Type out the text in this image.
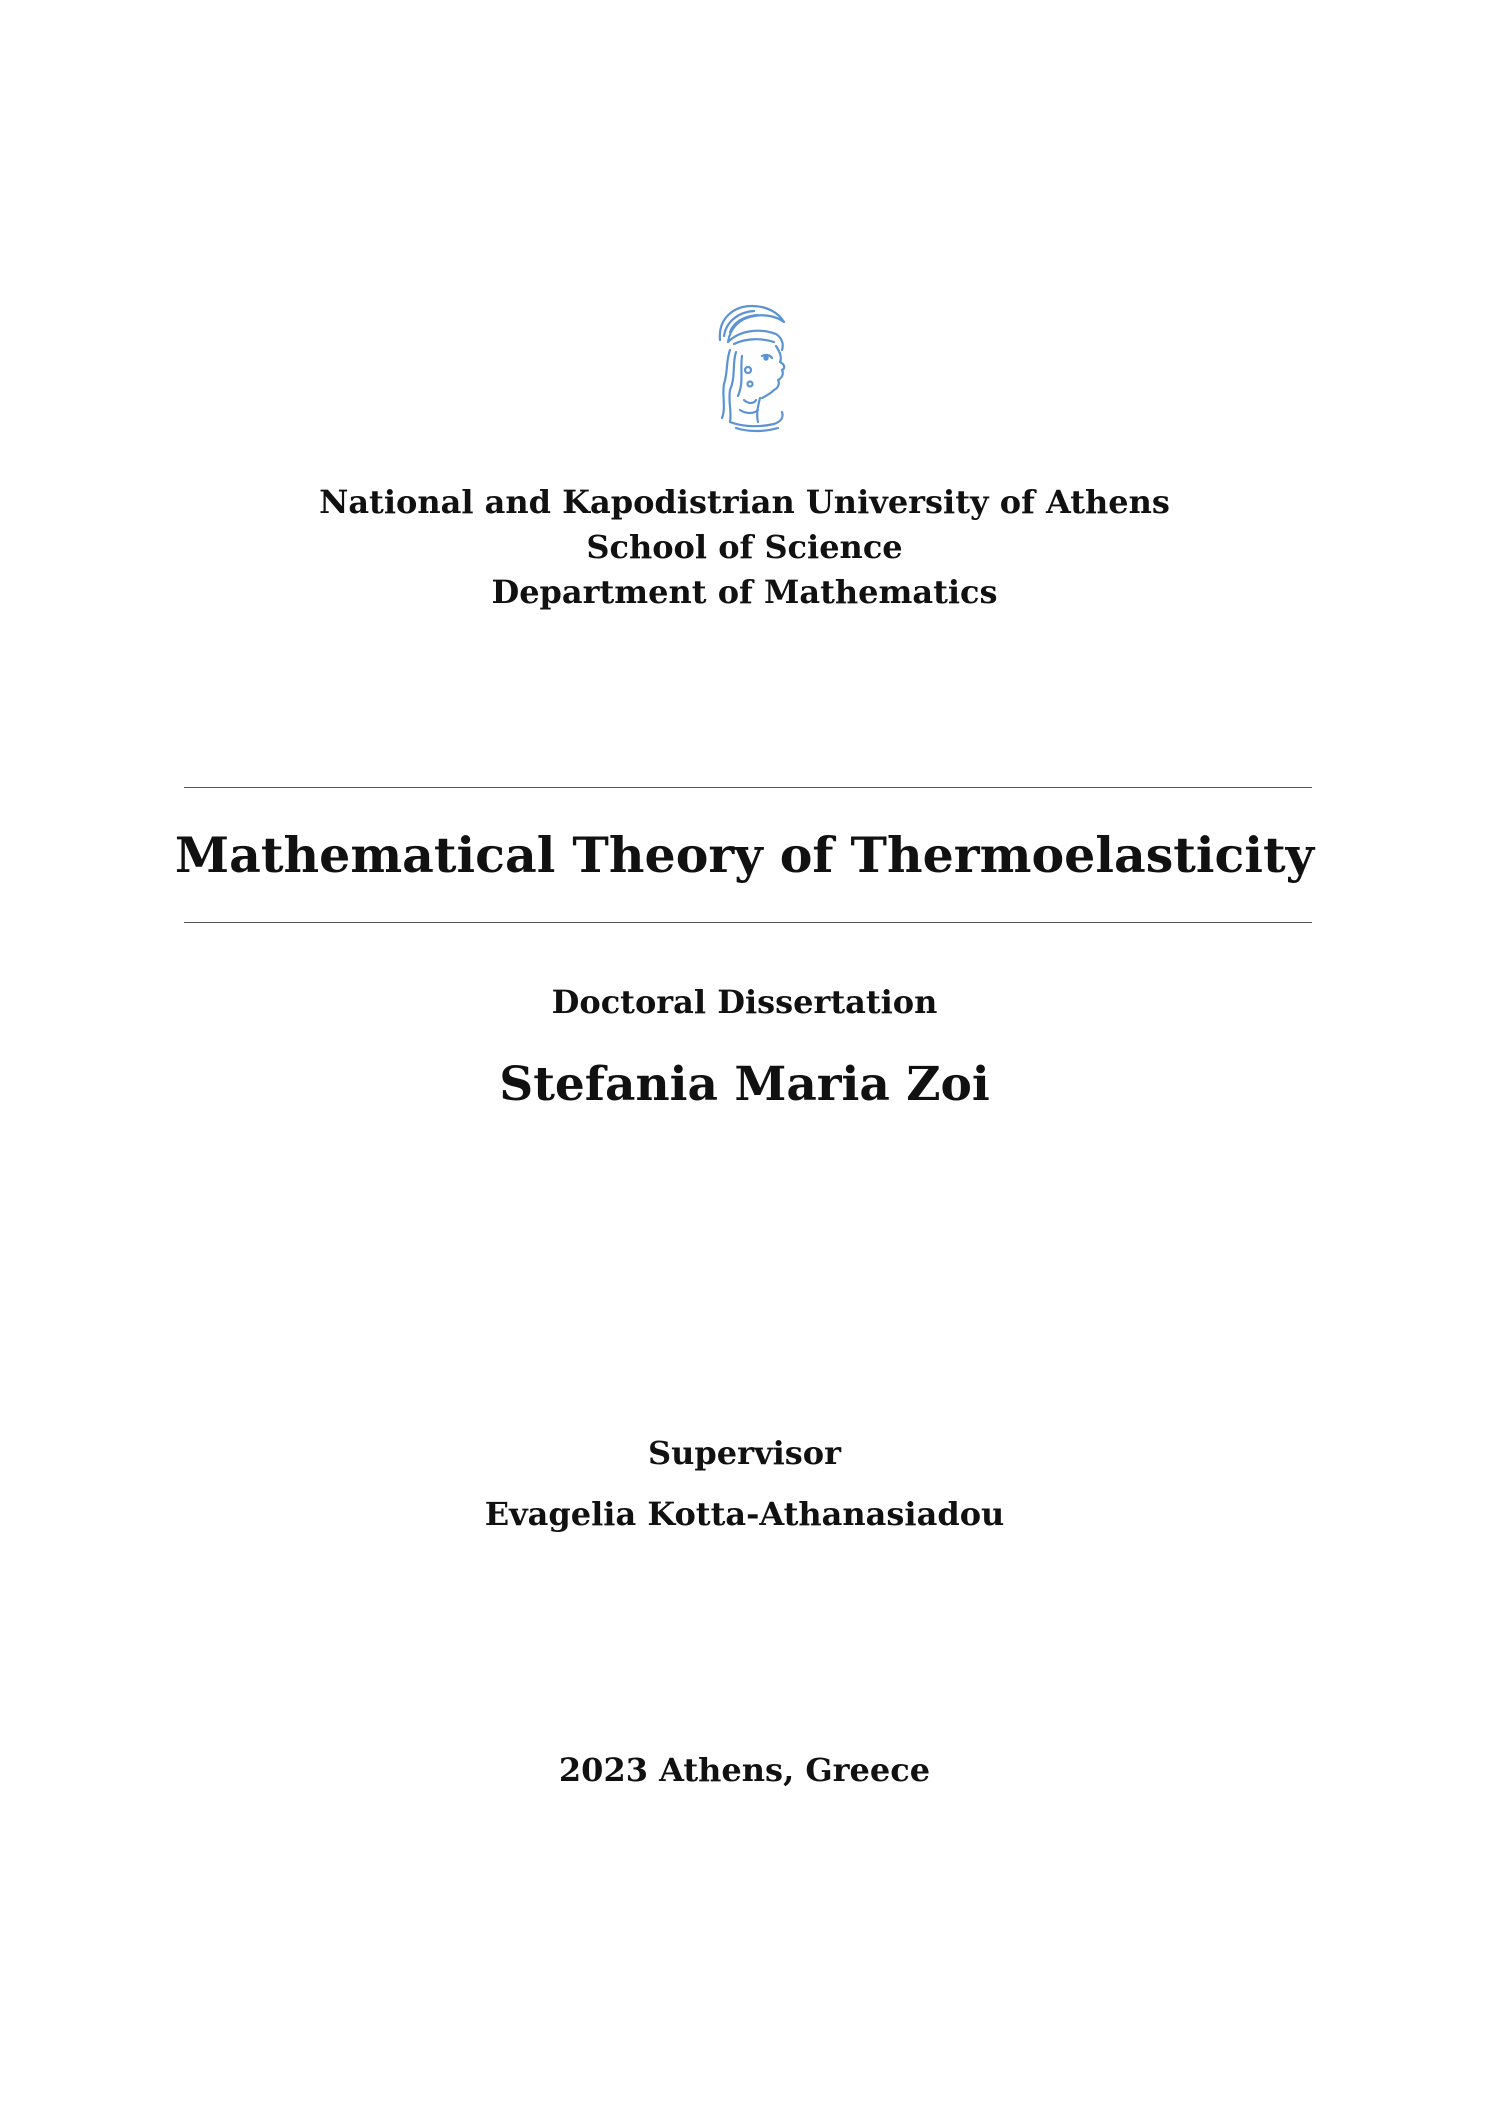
National and Kapodistrian University of Athens
School of Science
Department of Mathematics
Mathematical Theory of Thermoelasticity
Doctoral Dissertation
Stefania Maria Zoi
Supervisor
Evagelia Kotta-Athanasiadou
2023 Athens, Greece
